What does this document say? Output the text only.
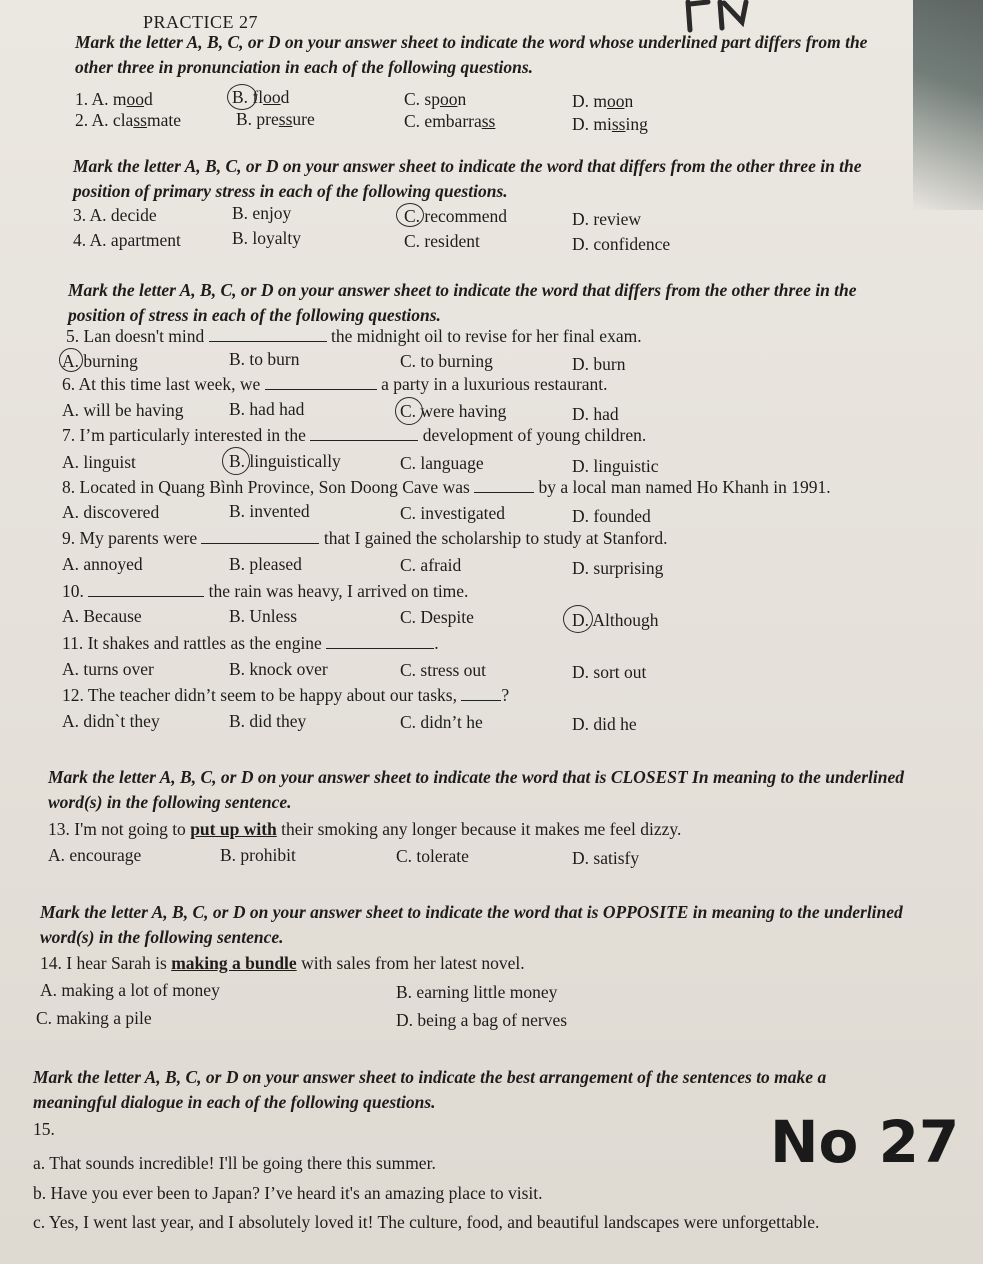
PRACTICE 27
Mark the letter A, B, C, or D on your answer sheet to indicate the word whose underlined part differs from the other three in pronunciation in each of the following questions.
1. A. mood	B. flood	C. spoon	D. moon
2. A. classmate	B. pressure	C. embarrass	D. missing
Mark the letter A, B, C, or D on your answer sheet to indicate the word that differs from the other three in the position of primary stress in each of the following questions.
3. A. decide	B. enjoy	C. recommend	D. review
4. A. apartment	B. loyalty	C. resident	D. confidence
Mark the letter A, B, C, or D on your answer sheet to indicate the word that differs from the other three in the position of stress in each of the following questions.
5. Lan doesn't mind	the midnight oil to revise for her final exam.
A. burning	B. to burn	C. to burning	D. burn
6. At this time last week, we	a party in a luxurious restaurant.
A. will be having	B. had had	C. were having	D. had
7. I’m particularly interested in the	development of young children.
A. linguist	B. linguistically	C. language	D. linguistic
8. Located in Quang Bình Province, Son Doong Cave was	by a local man named Ho Khanh in 1991.
A. discovered	B. invented	C. investigated	D. founded
9. My parents were	that I gained the scholarship to study at Stanford.
A. annoyed	B. pleased	C. afraid	D. surprising
10.	the rain was heavy, I arrived on time.
A. Because	B. Unless	C. Despite	D. Although
11. It shakes and rattles as the engine	.
A. turns over	B. knock over	C. stress out	D. sort out
12. The teacher didn’t seem to be happy about our tasks,	?
A. didn`t they	B. did they	C. didn’t he	D. did he
Mark the letter A, B, C, or D on your answer sheet to indicate the word that is CLOSEST In meaning to the underlined word(s) in the following sentence.
13. I'm not going to put up with their smoking any longer because it makes me feel dizzy.
A. encourage	B. prohibit	C. tolerate	D. satisfy
Mark the letter A, B, C, or D on your answer sheet to indicate the word that is OPPOSITE in meaning to the underlined word(s) in the following sentence.
14. I hear Sarah is making a bundle with sales from her latest novel.
A. making a lot of money	B. earning little money
C. making a pile	D. being a bag of nerves
Mark the letter A, B, C, or D on your answer sheet to indicate the best arrangement of the sentences to make a meaningful dialogue in each of the following questions.
15.
a. That sounds incredible! I'll be going there this summer.
b. Have you ever been to Japan? I’ve heard it's an amazing place to visit.
c. Yes, I went last year, and I absolutely loved it! The culture, food, and beautiful landscapes were unforgettable.
No 27
